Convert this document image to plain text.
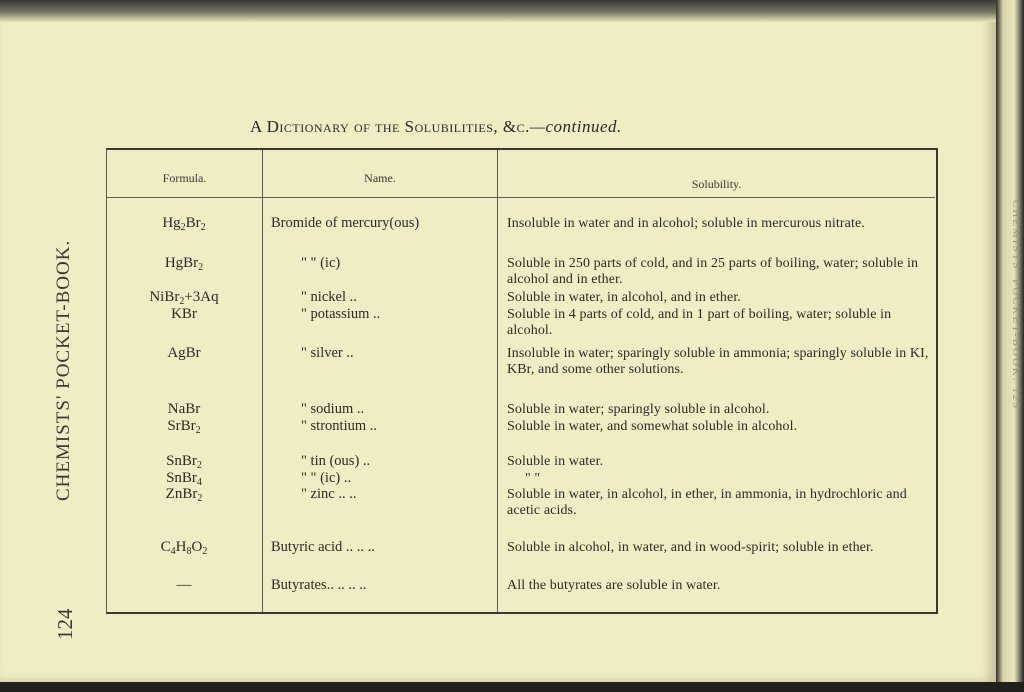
CHEMISTS' POCKET-BOOK. 125
CHEMISTS' POCKET-BOOK.
124
A Dictionary of the Solubilities, &c.—continued.
Formula.	Name.	Solubility.
$Hg_2Br_2$	Bromide of mercury(ous)	Insoluble in water and in alcohol; soluble in mercurous nitrate.
HgBr$_2$	" " (ic)	Soluble in 250 parts of cold, and in 25 parts of boiling, water; soluble in alcohol and in ether.
NiBr$_2$+3Aq	" nickel ..	Soluble in water, in alcohol, and in ether.
KBr	" potassium ..	Soluble in 4 parts of cold, and in 1 part of boiling, water; soluble in alcohol.
AgBr	" silver ..	Insoluble in water; sparingly soluble in ammonia; sparingly soluble in KI, KBr, and some other solutions.
NaBr	" sodium ..	Soluble in water; sparingly soluble in alcohol.
SrBr$_2$	" strontium ..	Soluble in water, and somewhat soluble in alcohol.
SnBr$_2$	" tin (ous) ..	Soluble in water.
SnBr$_4$	" " (ic) ..	" "
ZnBr$_2$	" zinc .. ..	Soluble in water, in alcohol, in ether, in ammonia, in hydrochloric and acetic acids.
$C_4H_8O_2$	Butyric acid .. .. ..	Soluble in alcohol, in water, and in wood-spirit; soluble in ether.
—	Butyrates.. .. .. ..	All the butyrates are soluble in water.
